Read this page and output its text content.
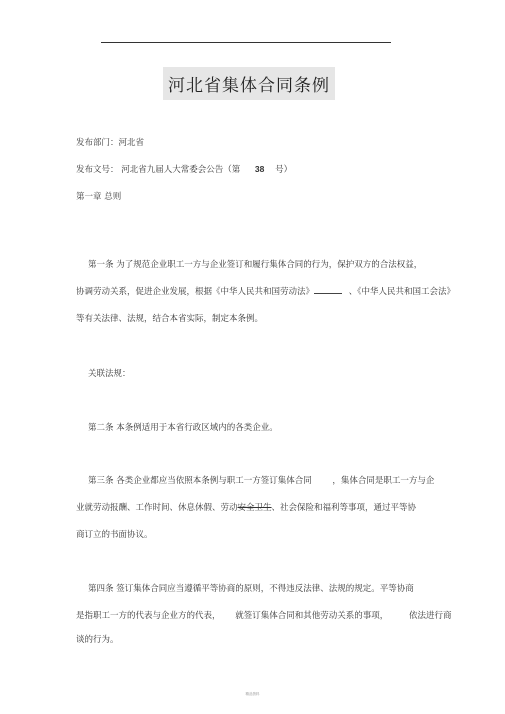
河北省集体合同条例
发布部门：河北省
发布文号： 河北省九届人大常委会公告（第 38 号）
第一章 总则
第一条 为了规范企业职工一方与企业签订和履行集体合同的行为，保护双方的合法权益，
协调劳动关系，促进企业发展，根据《中华人民共和国劳动法》	、《中华人民共和国工会法》
等有关法律、法规，结合本省实际，制定本条例。
关联法规：
第二条 本条例适用于本省行政区域内的各类企业。
第三条 各类企业都应当依照本条例与职工一方签订集体合同 ，集体合同是职工一方与企
业就劳动报酬、工作时间、休息休假、劳动安全卫生、社会保险和福利等事项，通过平等协
商订立的书面协议。
第四条 签订集体合同应当遵循平等协商的原则，不得违反法律、法规的规定。平等协商
是指职工一方的代表与企业方的代表， 就签订集体合同和其他劳动关系的事项， 依法进行商
谈的行为。
精品资料
